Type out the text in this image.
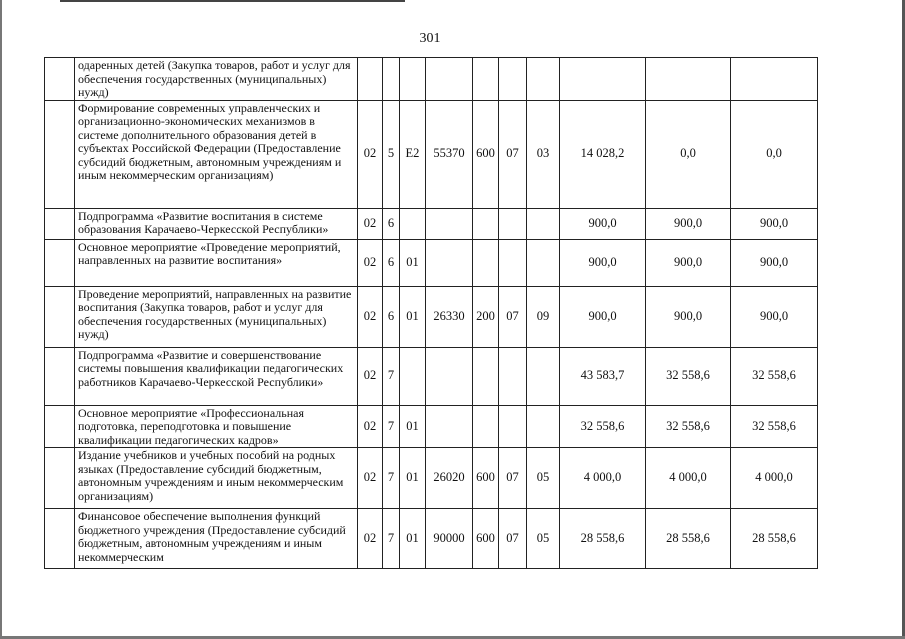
301
	одаренных детей (Закупка товаров, работ и услуг для обеспечения государственных (муниципальных) нужд)										
	Формирование современных управленческих и организационно-экономических механизмов в системе дополнительного образования детей в субъектах Российской Федерации (Предоставление субсидий бюджетным, автономным учреждениям и иным некоммерческим организациям)	02	5	E2	55370	600	07	03	14 028,2	0,0	0,0
	Подпрограмма «Развитие воспитания в системе образования Карачаево-Черкесской Республики»	02	6						900,0	900,0	900,0
	Основное мероприятие «Проведение мероприятий, направленных на развитие воспитания»	02	6	01					900,0	900,0	900,0
	Проведение мероприятий, направленных на развитие воспитания (Закупка товаров, работ и услуг для обеспечения государственных (муниципальных) нужд)	02	6	01	26330	200	07	09	900,0	900,0	900,0
	Подпрограмма «Развитие и совершенствование системы повышения квалификации педагогических работников Карачаево-Черкесской Республики»	02	7						43 583,7	32 558,6	32 558,6
	Основное мероприятие «Профессиональная подготовка, переподготовка и повышение квалификации педагогических кадров»	02	7	01					32 558,6	32 558,6	32 558,6
	Издание учебников и учебных пособий на родных языках (Предоставление субсидий бюджетным, автономным учреждениям и иным некоммерческим организациям)	02	7	01	26020	600	07	05	4 000,0	4 000,0	4 000,0
	Финансовое обеспечение выполнения функций бюджетного учреждения (Предоставление субсидий бюджетным, автономным учреждениям и иным некоммерческим	02	7	01	90000	600	07	05	28 558,6	28 558,6	28 558,6
